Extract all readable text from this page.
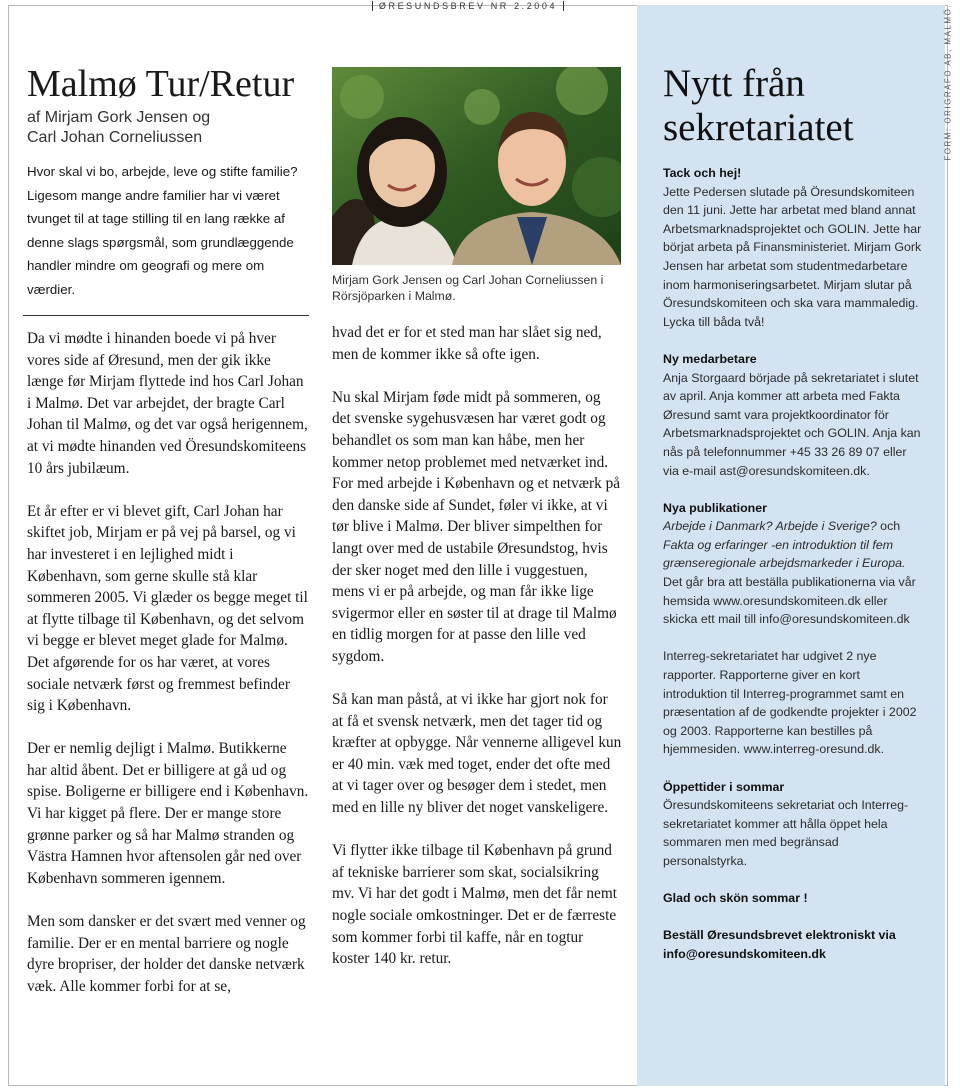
ØRESUNDSBREV NR 2.2004
Malmø Tur/Retur
af Mirjam Gork Jensen og
Carl Johan Corneliussen
Hvor skal vi bo, arbejde, leve og stifte familie? Ligesom mange andre familier har vi været tvunget til at tage stilling til en lang række af denne slags spørgsmål, som grundlæggende handler mindre om geografi og mere om værdier.

Da vi mødte i hinanden boede vi på hver vores side af Øresund, men der gik ikke længe før Mirjam flyttede ind hos Carl Johan i Malmø. Det var arbejdet, der bragte Carl Johan til Malmø, og det var også herigennem, at vi mødte hinanden ved Öresundskomiteens 10 års jubilæum.

Et år efter er vi blevet gift, Carl Johan har skiftet job, Mirjam er på vej på barsel, og vi har investeret i en lejlighed midt i København, som gerne skulle stå klar sommeren 2005. Vi glæder os begge meget til at flytte tilbage til København, og det selvom vi begge er blevet meget glade for Malmø. Det afgørende for os har været, at vores sociale netværk først og fremmest befinder sig i København.

Der er nemlig dejligt i Malmø. Butikkerne har altid åbent. Det er billigere at gå ud og spise. Boligerne er billigere end i København. Vi har kigget på flere. Der er mange store grønne parker og så har Malmø stranden og Västra Hamnen hvor aftensolen går ned over København sommeren igennem.

Men som dansker er det svært med venner og familie. Der er en mental barriere og nogle dyre bropriser, der holder det danske netværk væk. Alle kommer forbi for at se,

Mirjam Gork Jensen og Carl Johan Corneliussen i Rörsjöparken i Malmø.

hvad det er for et sted man har slået sig ned, men de kommer ikke så ofte igen.

Nu skal Mirjam føde midt på sommeren, og det svenske sygehusvæsen har været godt og behandlet os som man kan håbe, men her kommer netop problemet med netværket ind. For med arbejde i København og et netværk på den danske side af Sundet, føler vi ikke, at vi tør blive i Malmø. Der bliver simpelthen for langt over med de ustabile Øresundstog, hvis der sker noget med den lille i vuggestuen, mens vi er på arbejde, og man får ikke lige svigermor eller en søster til at drage til Malmø en tidlig morgen for at passe den lille ved sygdom.

Så kan man påstå, at vi ikke har gjort nok for at få et svensk netværk, men det tager tid og kræfter at opbygge. Når vennerne alligevel kun er 40 min. væk med toget, ender det ofte med at vi tager over og besøger dem i stedet, men med en lille ny bliver det noget vanskeligere.

Vi flytter ikke tilbage til København på grund af tekniske barrierer som skat, socialsikring mv. Vi har det godt i Malmø, men det får nemt nogle sociale omkostninger. Det er de færreste som kommer forbi til kaffe, når en togtur koster 140 kr. retur.

Nytt från
sekretariatet
Tack och hej!

Jette Pedersen slutade på Öresundskomiteen den 11 juni. Jette har arbetat med bland annat Arbetsmarknadsprojektet och GOLIN. Jette har börjat arbeta på Finansministeriet. Mirjam Gork Jensen har arbetat som studentmedarbetare inom harmoniseringsarbetet. Mirjam slutar på Öresundskomiteen och ska vara mammaledig. Lycka till båda två!

Ny medarbetare

Anja Storgaard började på sekretariatet i slutet av april. Anja kommer att arbeta med Fakta Øresund samt vara projektkoordinator för Arbetsmarknadsprojektet och GOLIN. Anja kan nås på telefonnummer +45 33 26 89 07 eller via e-mail ast@oresundskomiteen.dk.

Nya publikationer

Arbejde i Danmark? Arbejde i Sverige? och Fakta og erfaringer -en introduktion til fem grænseregionale arbejdsmarkeder i Europa. Det går bra att beställa publikationerna via vår hemsida www.oresundskomiteen.dk eller skicka ett mail till info@oresundskomiteen.dk

Interreg-sekretariatet har udgivet 2 nye rapporter. Rapporterne giver en kort introduktion til Interreg-programmet samt en præsentation af de godkendte projekter i 2002 og 2003. Rapporterne kan bestilles på hjemmesiden. www.interreg-oresund.dk.

Öppettider i sommar

Öresundskomiteens sekretariat och Interreg-sekretariatet kommer att hålla öppet hela sommaren men med begränsad personalstyrka.

Glad och skön sommar !

Beställ Øresundsbrevet elektroniskt via

info@oresundskomiteen.dk

FORM: ORIGRAFO AB, MALMÖ.
